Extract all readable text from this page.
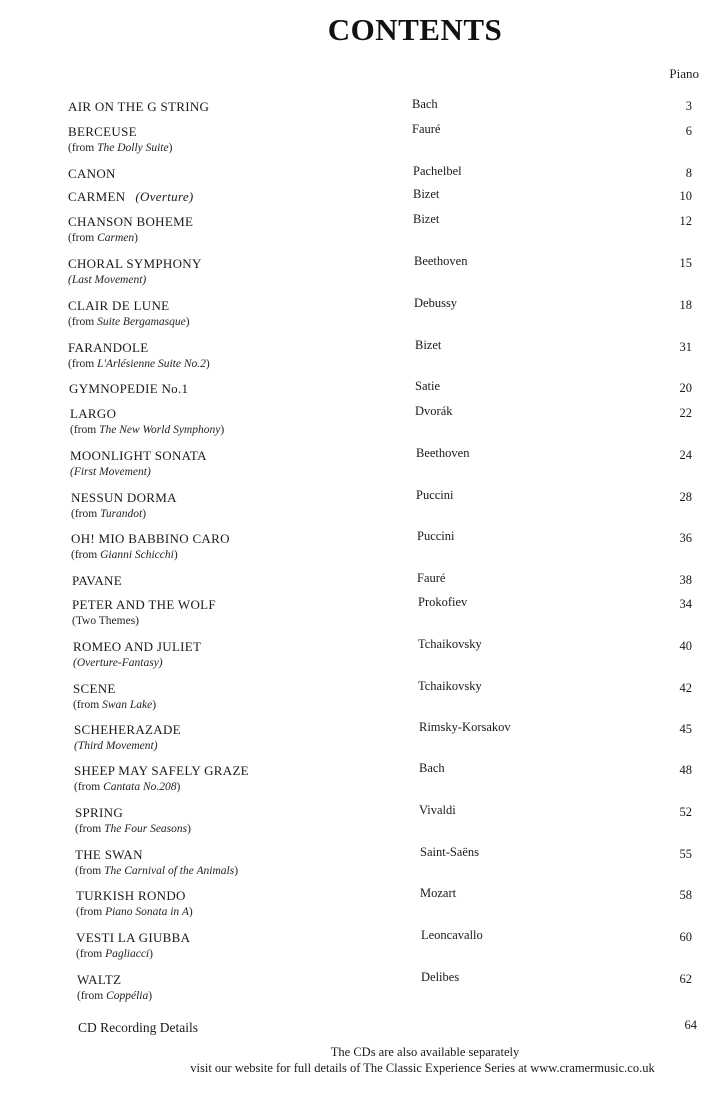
CONTENTS
Piano
AIR ON THE G STRING	Bach	3
BERCEUSE
(from The Dolly Suite)
Fauré	6
CANON	Pachelbel	8
CARMEN (Overture)	Bizet	10
CHANSON BOHEME
(from Carmen)
Bizet	12
CHORAL SYMPHONY
(Last Movement)
Beethoven	15
CLAIR DE LUNE
(from Suite Bergamasque)
Debussy	18
FARANDOLE
(from L'Arlésienne Suite No.2)
Bizet	31
GYMNOPEDIE No.1	Satie	20
LARGO
(from The New World Symphony)
Dvorák	22
MOONLIGHT SONATA
(First Movement)
Beethoven	24
NESSUN DORMA
(from Turandot)
Puccini	28
OH! MIO BABBINO CARO
(from Gianni Schicchi)
Puccini	36
PAVANE	Fauré	38
PETER AND THE WOLF
(Two Themes)
Prokofiev	34
ROMEO AND JULIET
(Overture-Fantasy)
Tchaikovsky	40
SCENE
(from Swan Lake)
Tchaikovsky	42
SCHEHERAZADE
(Third Movement)
Rimsky-Korsakov	45
SHEEP MAY SAFELY GRAZE
(from Cantata No.208)
Bach	48
SPRING
(from The Four Seasons)
Vivaldi	52
THE SWAN
(from The Carnival of the Animals)
Saint-Saëns	55
TURKISH RONDO
(from Piano Sonata in A)
Mozart	58
VESTI LA GIUBBA
(from Pagliacci)
Leoncavallo	60
WALTZ
(from Coppélia)
Delibes	62
CD Recording Details	64
The CDs are also available separately
visit our website for full details of The Classic Experience Series at www.cramermusic.co.uk
